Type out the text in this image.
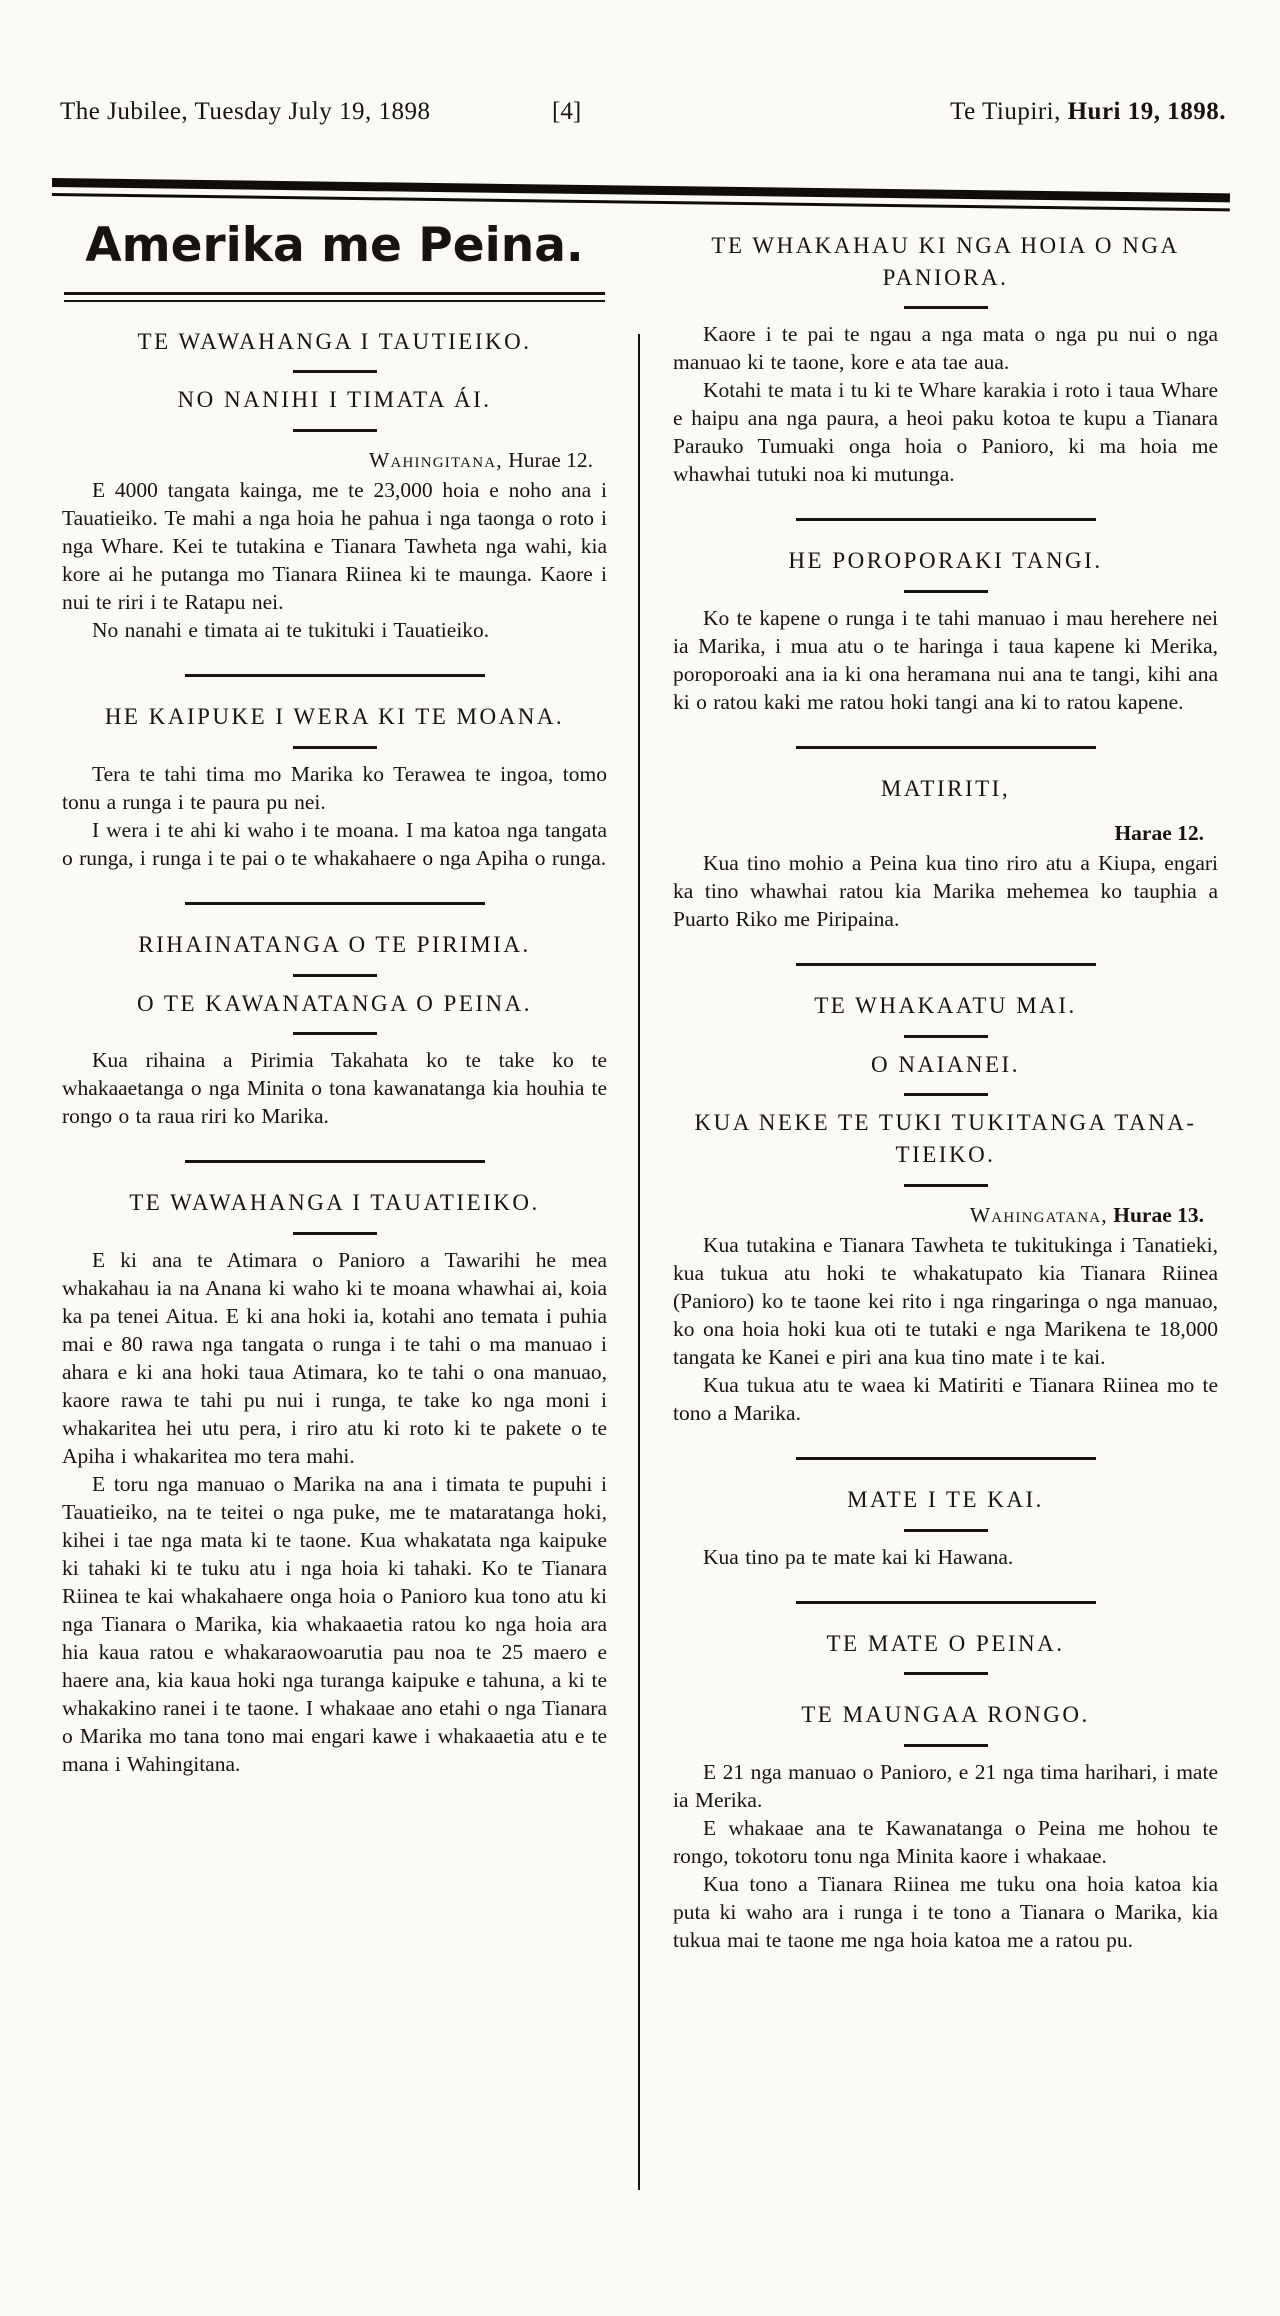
The Jubilee, Tuesday July 19, 1898	[4]	Te Tiupiri, Huri 19, 1898.
Amerika me Peina.
TE WAWAHANGA I TAUTIEIKO.
NO NANIHI I TIMATA ÁI.
Wahingitana, Hurae 12.

E 4000 tangata kainga, me te 23,000 hoia e noho ana i Tauatieiko. Te mahi a nga hoia he pahua i nga taonga o roto i nga Whare. Kei te tutakina e Tianara Tawheta nga wahi, kia kore ai he putanga mo Tianara Riinea ki te maunga. Kaore i nui te riri i te Ratapu nei.

No nanahi e timata ai te tukituki i Tauatieiko.

HE KAIPUKE I WERA KI TE MOANA.

Tera te tahi tima mo Marika ko Terawea te ingoa, tomo tonu a runga i te paura pu nei.

I wera i te ahi ki waho i te moana. I ma katoa nga tangata o runga, i runga i te pai o te whakahaere o nga Apiha o runga.

RIHAINATANGA O TE PIRIMIA.
O TE KAWANATANGA O PEINA.

Kua rihaina a Pirimia Takahata ko te take ko te whakaaetanga o nga Minita o tona kawanatanga kia houhia te rongo o ta raua riri ko Marika.

TE WAWAHANGA I TAUATIEIKO.

E ki ana te Atimara o Panioro a Tawarihi he mea whakahau ia na Anana ki waho ki te moana whawhai ai, koia ka pa tenei Aitua. E ki ana hoki ia, kotahi ano temata i puhia mai e 80 rawa nga tangata o runga i te tahi o ma manuao i ahara e ki ana hoki taua Atimara, ko te tahi o ona manuao, kaore rawa te tahi pu nui i runga, te take ko nga moni i whakaritea hei utu pera, i riro atu ki roto ki te pakete o te Apiha i whakaritea mo tera mahi.

E toru nga manuao o Marika na ana i timata te pupuhi i Tauatieiko, na te teitei o nga puke, me te mataratanga hoki, kihei i tae nga mata ki te taone. Kua whakatata nga kaipuke ki tahaki ki te tuku atu i nga hoia ki tahaki. Ko te Tianara Riinea te kai whakahaere onga hoia o Panioro kua tono atu ki nga Tianara o Marika, kia whakaaetia ratou ko nga hoia ara hia kaua ratou e whakaraowoarutia pau noa te 25 maero e haere ana, kia kaua hoki nga turanga kaipuke e tahuna, a ki te whakakino ranei i te taone. I whakaae ano etahi o nga Tianara o Marika mo tana tono mai engari kawe i whakaaetia atu e te mana i Wahingitana.

TE WHAKAHAU KI NGA HOIA O NGA PANIORA.

Kaore i te pai te ngau a nga mata o nga pu nui o nga manuao ki te taone, kore e ata tae aua.

Kotahi te mata i tu ki te Whare karakia i roto i taua Whare e haipu ana nga paura, a heoi paku kotoa te kupu a Tianara Parauko Tumuaki onga hoia o Panioro, ki ma hoia me whawhai tutuki noa ki mutunga.

HE POROPORAKI TANGI.

Ko te kapene o runga i te tahi manuao i mau herehere nei ia Marika, i mua atu o te haringa i taua kapene ki Merika, poroporoaki ana ia ki ona heramana nui ana te tangi, kihi ana ki o ratou kaki me ratou hoki tangi ana ki to ratou kapene.

MATIRITI,
Harae 12.

Kua tino mohio a Peina kua tino riro atu a Kiupa, engari ka tino whawhai ratou kia Marika mehemea ko tauphia a Puarto Riko me Piripaina.

TE WHAKAATU MAI.
O NAIANEI.
KUA NEKE TE TUKI TUKITANGA TANA-TIEIKO.
Wahingatana, Hurae 13.

Kua tutakina e Tianara Tawheta te tukitukinga i Tanatieki, kua tukua atu hoki te whakatupato kia Tianara Riinea (Panioro) ko te taone kei rito i nga ringaringa o nga manuao, ko ona hoia hoki kua oti te tutaki e nga Marikena te 18,000 tangata ke Kanei e piri ana kua tino mate i te kai.

Kua tukua atu te waea ki Matiriti e Tianara Riinea mo te tono a Marika.

MATE I TE KAI.

Kua tino pa te mate kai ki Hawana.

TE MATE O PEINA.
TE MAUNGAA RONGO.

E 21 nga manuao o Panioro, e 21 nga tima harihari, i mate ia Merika.

E whakaae ana te Kawanatanga o Peina me hohou te rongo, tokotoru tonu nga Minita kaore i whakaae.

Kua tono a Tianara Riinea me tuku ona hoia katoa kia puta ki waho ara i runga i te tono a Tianara o Marika, kia tukua mai te taone me nga hoia katoa me a ratou pu.
